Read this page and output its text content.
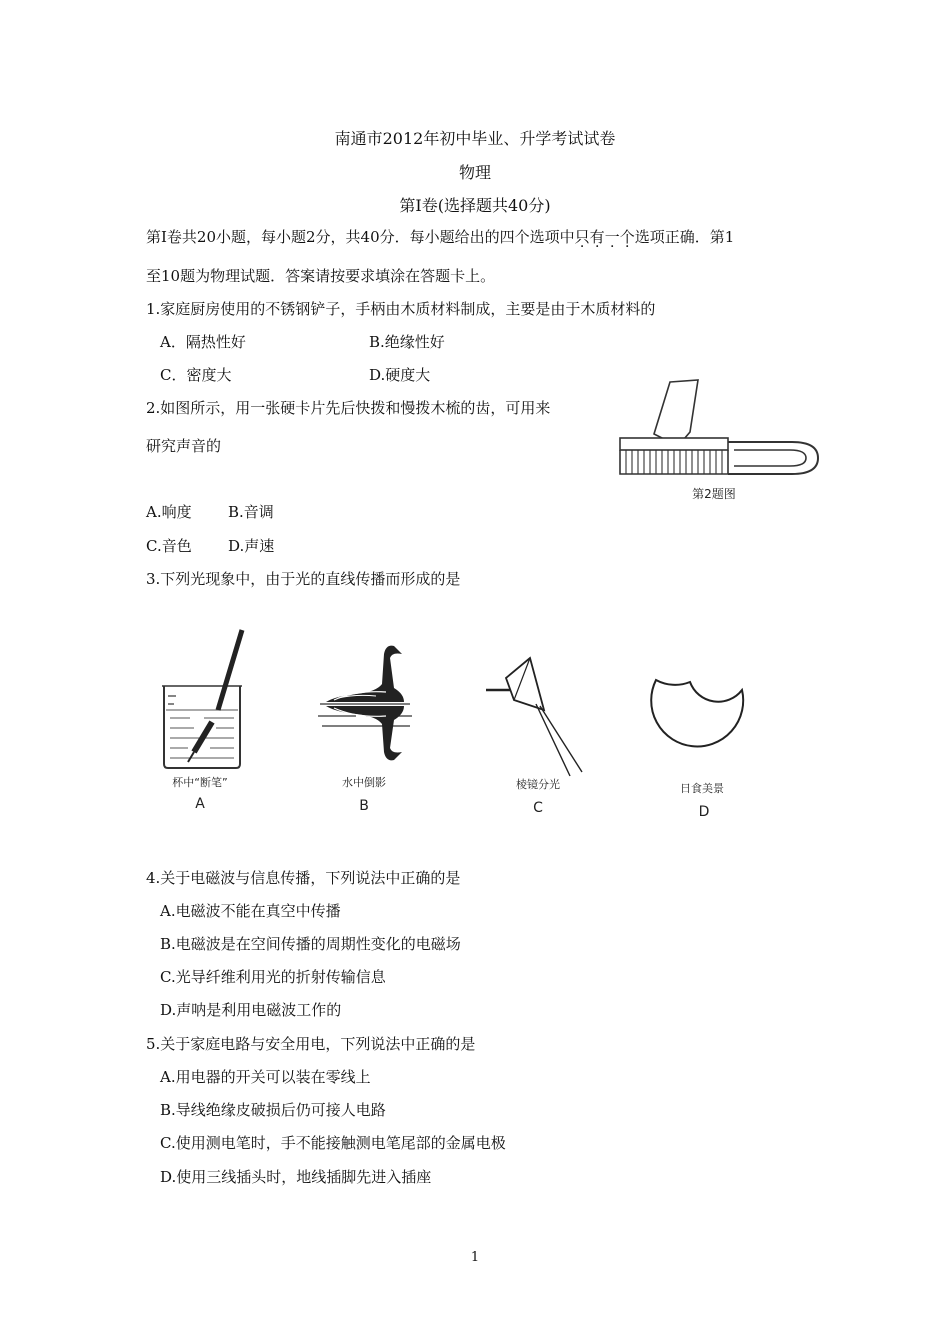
南通市2012年初中毕业、升学考试试卷
物理
第Ⅰ卷(选择题共40分)
第Ⅰ卷共20小题，每小题2分，共40分．每小题给出的四个选项中只有一个选项正确．第1
至10题为物理试题．答案请按要求填涂在答题卡上。
1.家庭厨房使用的不锈钢铲子，手柄由木质材料制成，主要是由于木质材料的
A．隔热性好	B.绝缘性好
C．密度大	D.硬度大
2.如图所示，用一张硬卡片先后快拨和慢拨木梳的齿，可用来
研究声音的
A.响度 B.音调
C.音色 D.声速
第2题图
3.下列光现象中，由于光的直线传播而形成的是
杯中“断笔”
A
水中倒影
B
棱镜分光
C
日食美景
D
4.关于电磁波与信息传播，下列说法中正确的是
A.电磁波不能在真空中传播
B.电磁波是在空间传播的周期性变化的电磁场
C.光导纤维利用光的折射传输信息
D.声呐是利用电磁波工作的
5.关于家庭电路与安全用电，下列说法中正确的是
A.用电器的开关可以装在零线上
B.导线绝缘皮破损后仍可接人电路
C.使用测电笔时，手不能接触测电笔尾部的金属电极
D.使用三线插头时，地线插脚先进入插座
1
